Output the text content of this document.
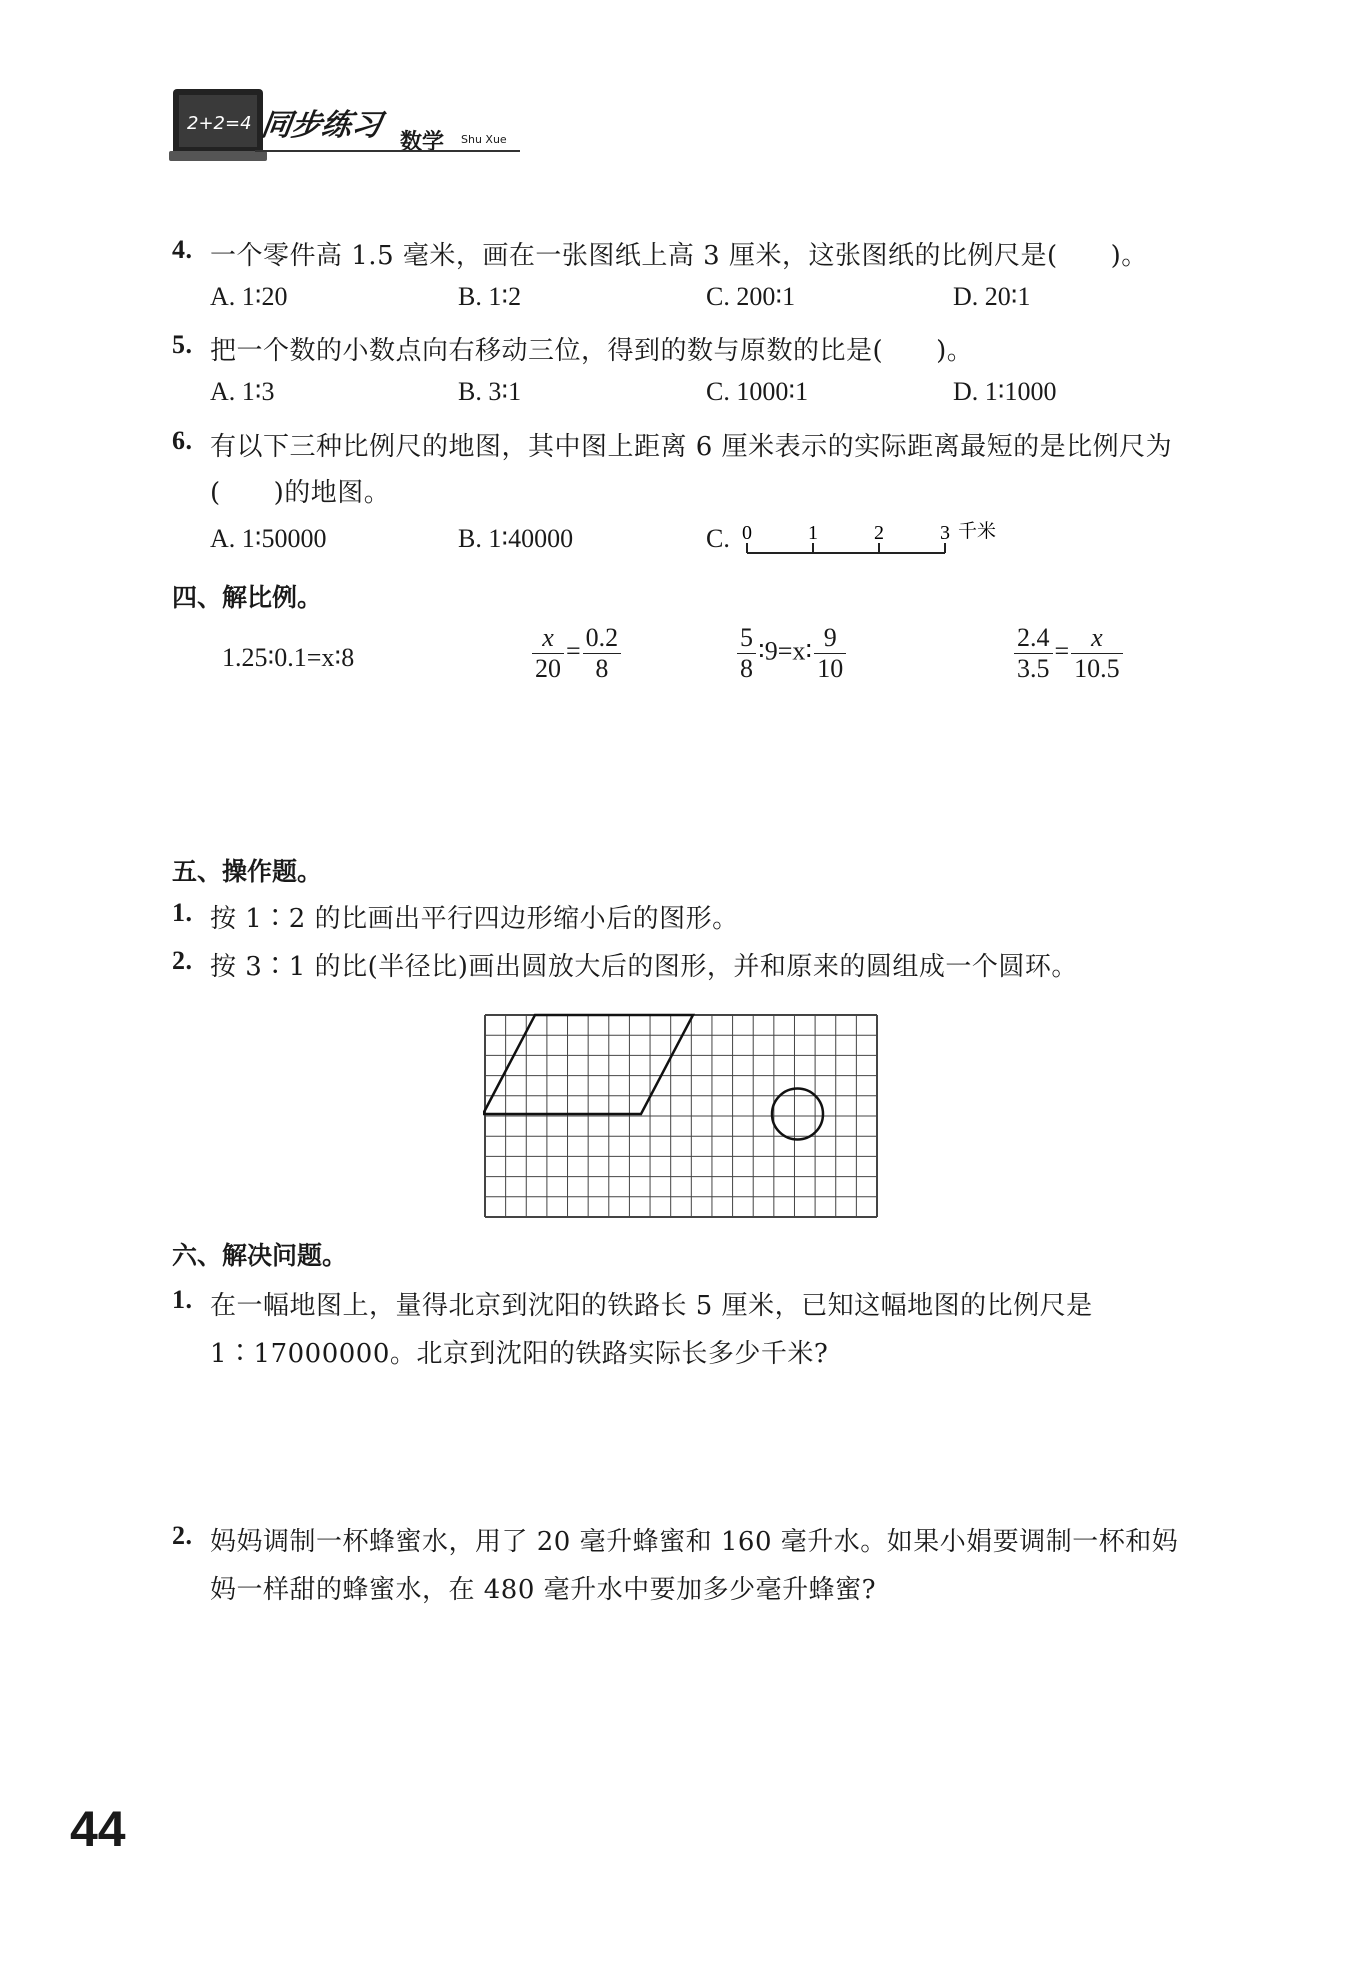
2+2=4 同步练习 数学 Shu Xue
4. 一个零件高 1.5 毫米，画在一张图纸上高 3 厘米，这张图纸的比例尺是(　　)。
A. 1∶20	B. 1∶2	C. 200∶1	D. 20∶1
5. 把一个数的小数点向右移动三位，得到的数与原数的比是(　　)。
A. 1∶3	B. 3∶1	C. 1000∶1	D. 1∶1000
6. 有以下三种比例尺的地图，其中图上距离 6 厘米表示的实际距离最短的是比例尺为
(　　)的地图。
A. 1∶50000	B. 1∶40000	C. 0	1	2	3 千米
四、解比例。
1.25∶0.1=x∶8	$\frac{x}{20} = \frac{0.2}{8}$	$\frac{5}{8}$ ∶9=x∶ $\frac{9}{10}$	$\frac{2.4}{3.5} = \frac{x}{10.5}$
五、操作题。
1. 按 1∶2 的比画出平行四边形缩小后的图形。
2. 按 3∶1 的比(半径比)画出圆放大后的图形，并和原来的圆组成一个圆环。
六、解决问题。
1. 在一幅地图上，量得北京到沈阳的铁路长 5 厘米，已知这幅地图的比例尺是
1∶17000000。北京到沈阳的铁路实际长多少千米?
2. 妈妈调制一杯蜂蜜水，用了 20 毫升蜂蜜和 160 毫升水。如果小娟要调制一杯和妈
妈一样甜的蜂蜜水，在 480 毫升水中要加多少毫升蜂蜜?
44
